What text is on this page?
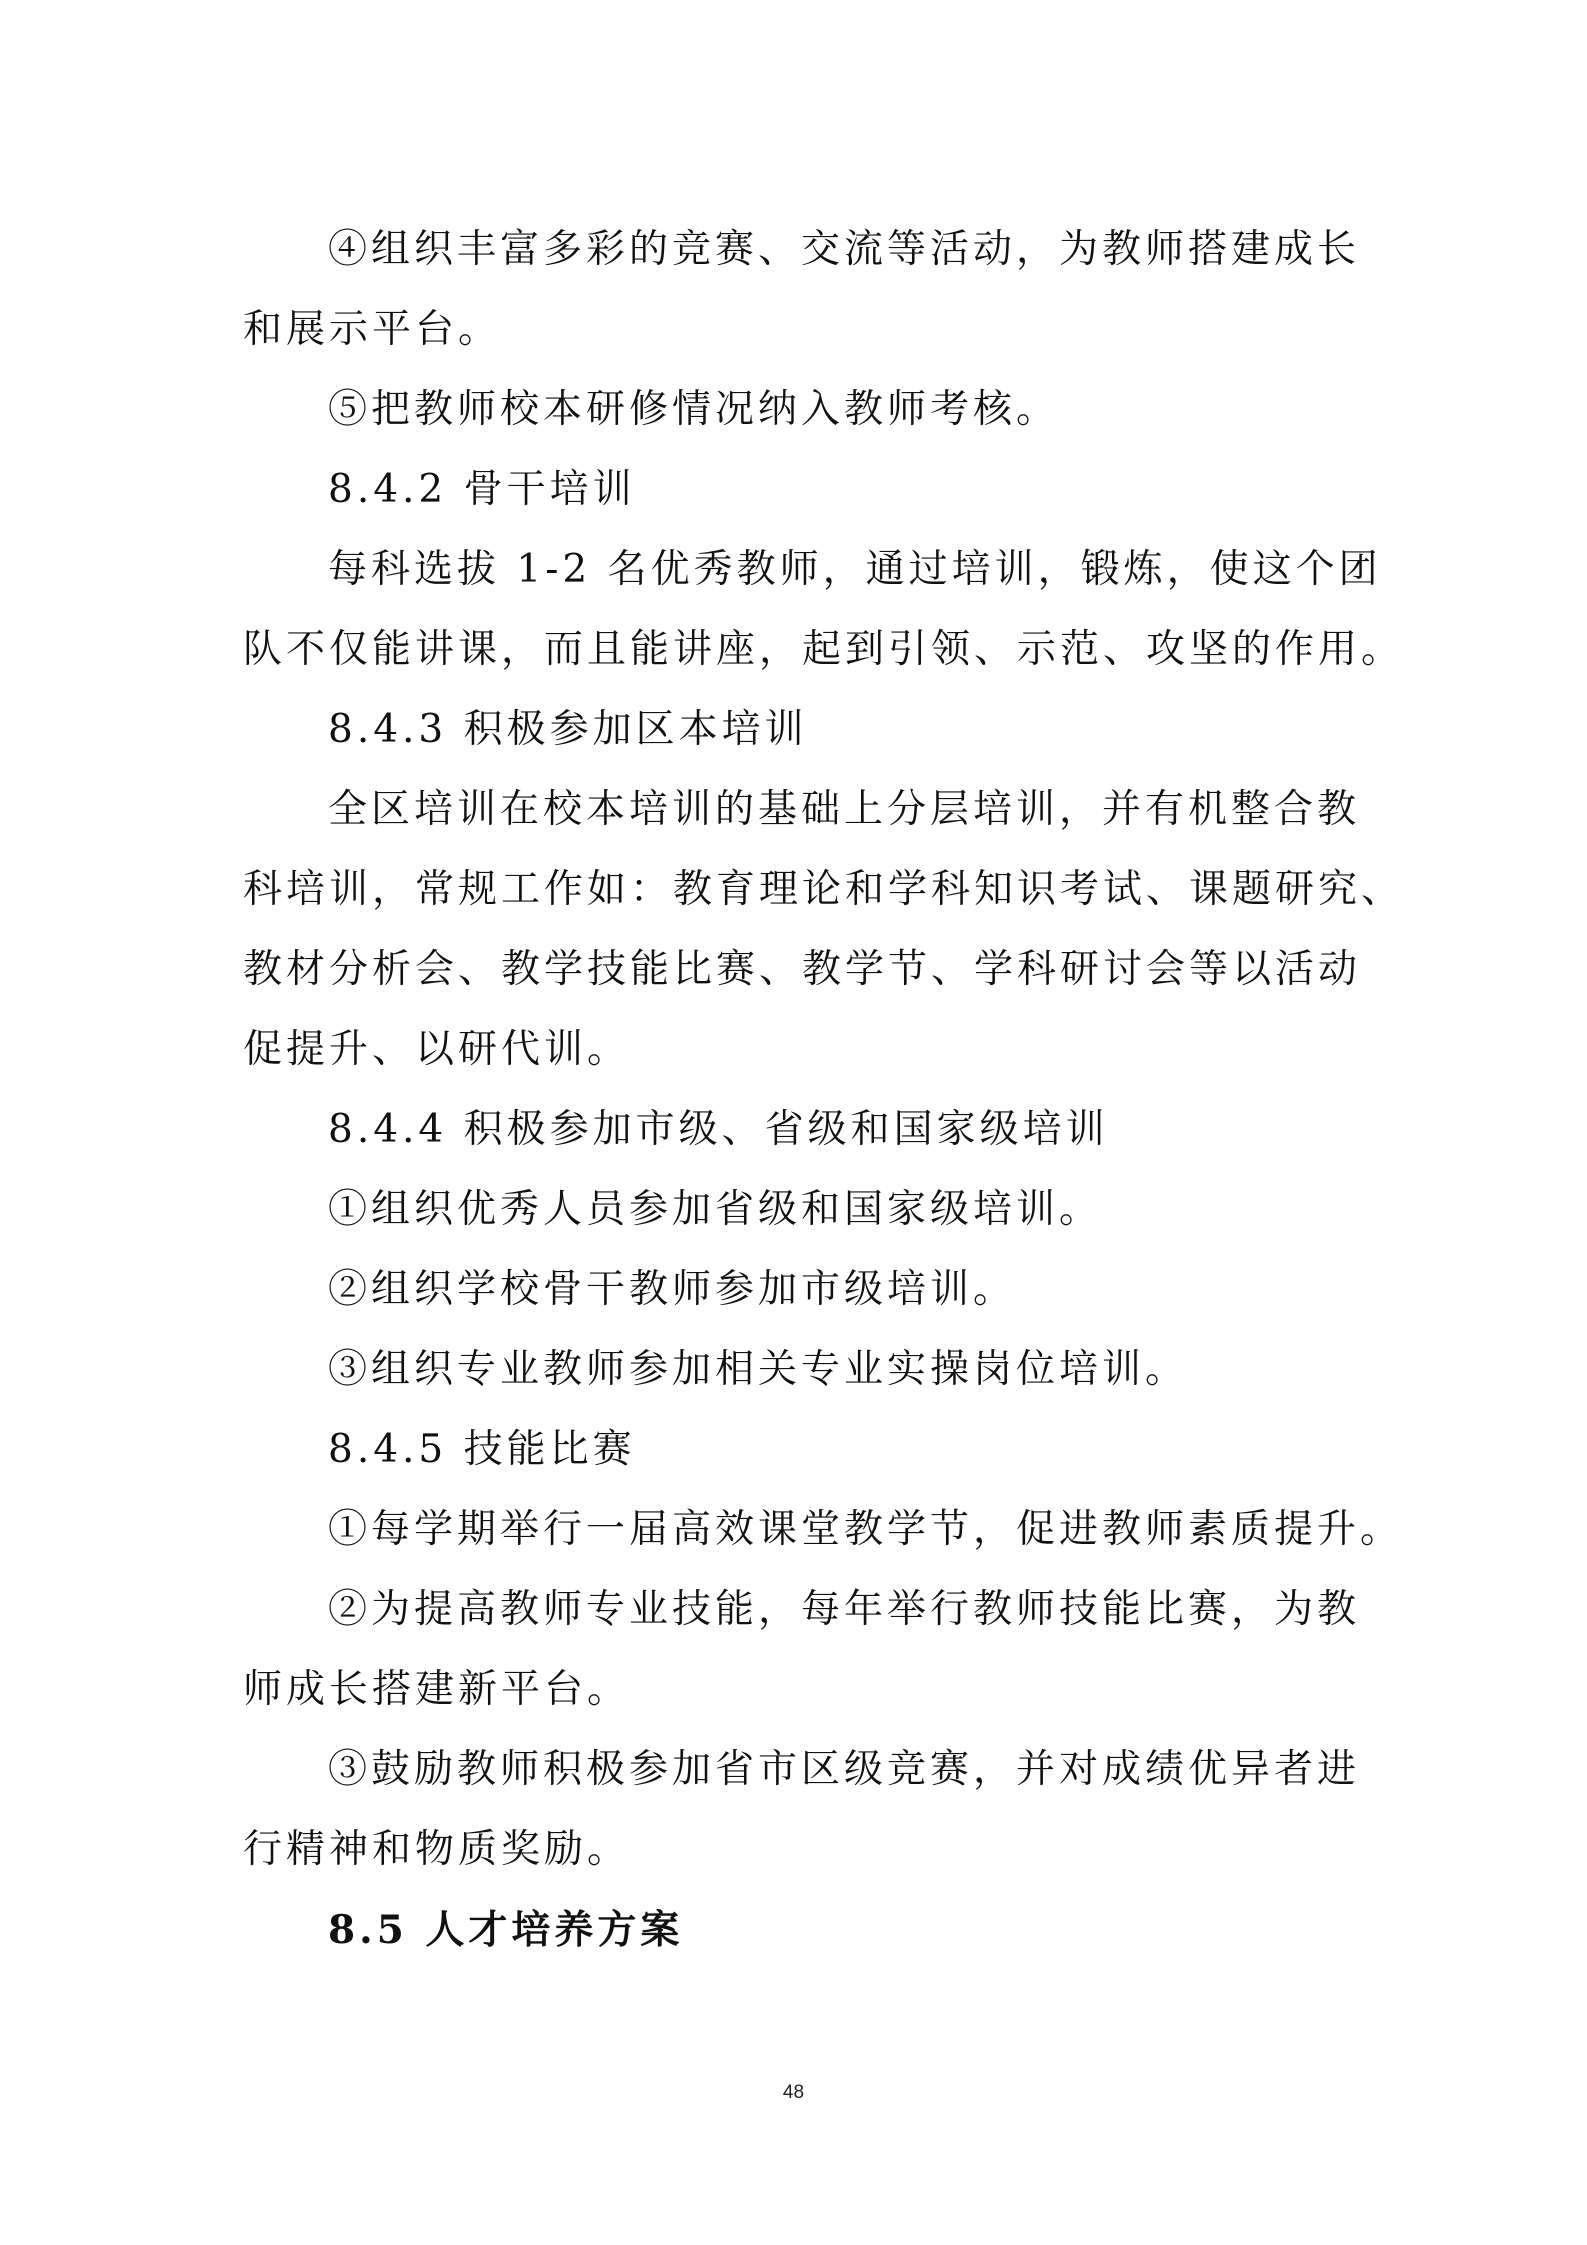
④组织丰富多彩的竞赛、交流等活动，为教师搭建成长
和展示平台。
⑤把教师校本研修情况纳入教师考核。
8.4.2 骨干培训
每科选拔 1-2 名优秀教师，通过培训，锻炼，使这个团
队不仅能讲课，而且能讲座，起到引领、示范、攻坚的作用。
8.4.3 积极参加区本培训
全区培训在校本培训的基础上分层培训，并有机整合教
科培训，常规工作如：教育理论和学科知识考试、课题研究、
教材分析会、教学技能比赛、教学节、学科研讨会等以活动
促提升、以研代训。
8.4.4 积极参加市级、省级和国家级培训
①组织优秀人员参加省级和国家级培训。
②组织学校骨干教师参加市级培训。
③组织专业教师参加相关专业实操岗位培训。
8.4.5 技能比赛
①每学期举行一届高效课堂教学节，促进教师素质提升。
②为提高教师专业技能，每年举行教师技能比赛，为教
师成长搭建新平台。
③鼓励教师积极参加省市区级竞赛，并对成绩优异者进
行精神和物质奖励。
8.5 人才培养方案
48
